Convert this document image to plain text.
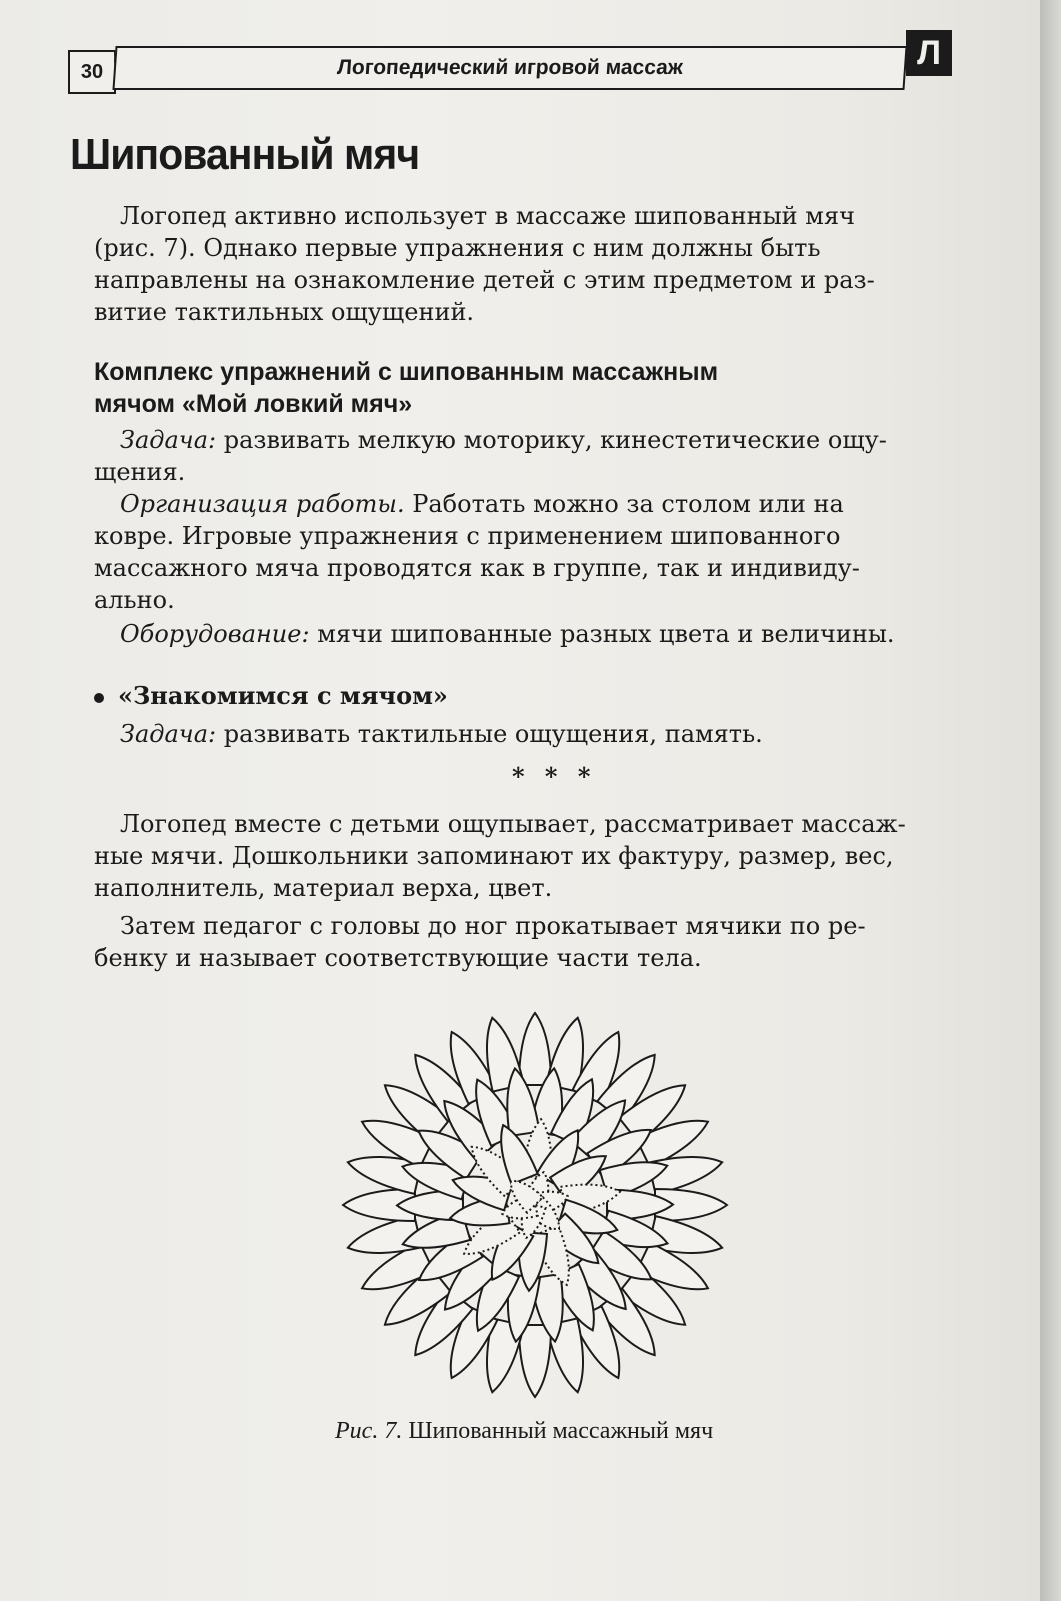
30	Логопедический игровой массаж	Л
Шипованный мяч
Логопед активно использует в массаже шипованный мяч
(рис. 7). Однако первые упражнения с ним должны быть
направлены на ознакомление детей с этим предметом и раз-
витие тактильных ощущений.
Комплекс упражнений с шипованным массажным
мячом «Мой ловкий мяч»
Задача: развивать мелкую моторику, кинестетические ощу-
щения.
Организация работы. Работать можно за столом или на
ковре. Игровые упражнения с применением шипованного
массажного мяча проводятся как в группе, так и индивиду-
ально.
Оборудование: мячи шипованные разных цвета и величины.
«Знакомимся с мячом»
Задача: развивать тактильные ощущения, память.
* * *
Логопед вместе с детьми ощупывает, рассматривает массаж-
ные мячи. Дошкольники запоминают их фактуру, размер, вес,
наполнитель, материал верха, цвет.
Затем педагог с головы до ног прокатывает мячики по ре-
бенку и называет соответствующие части тела.
Рис. 7. Шипованный массажный мяч
